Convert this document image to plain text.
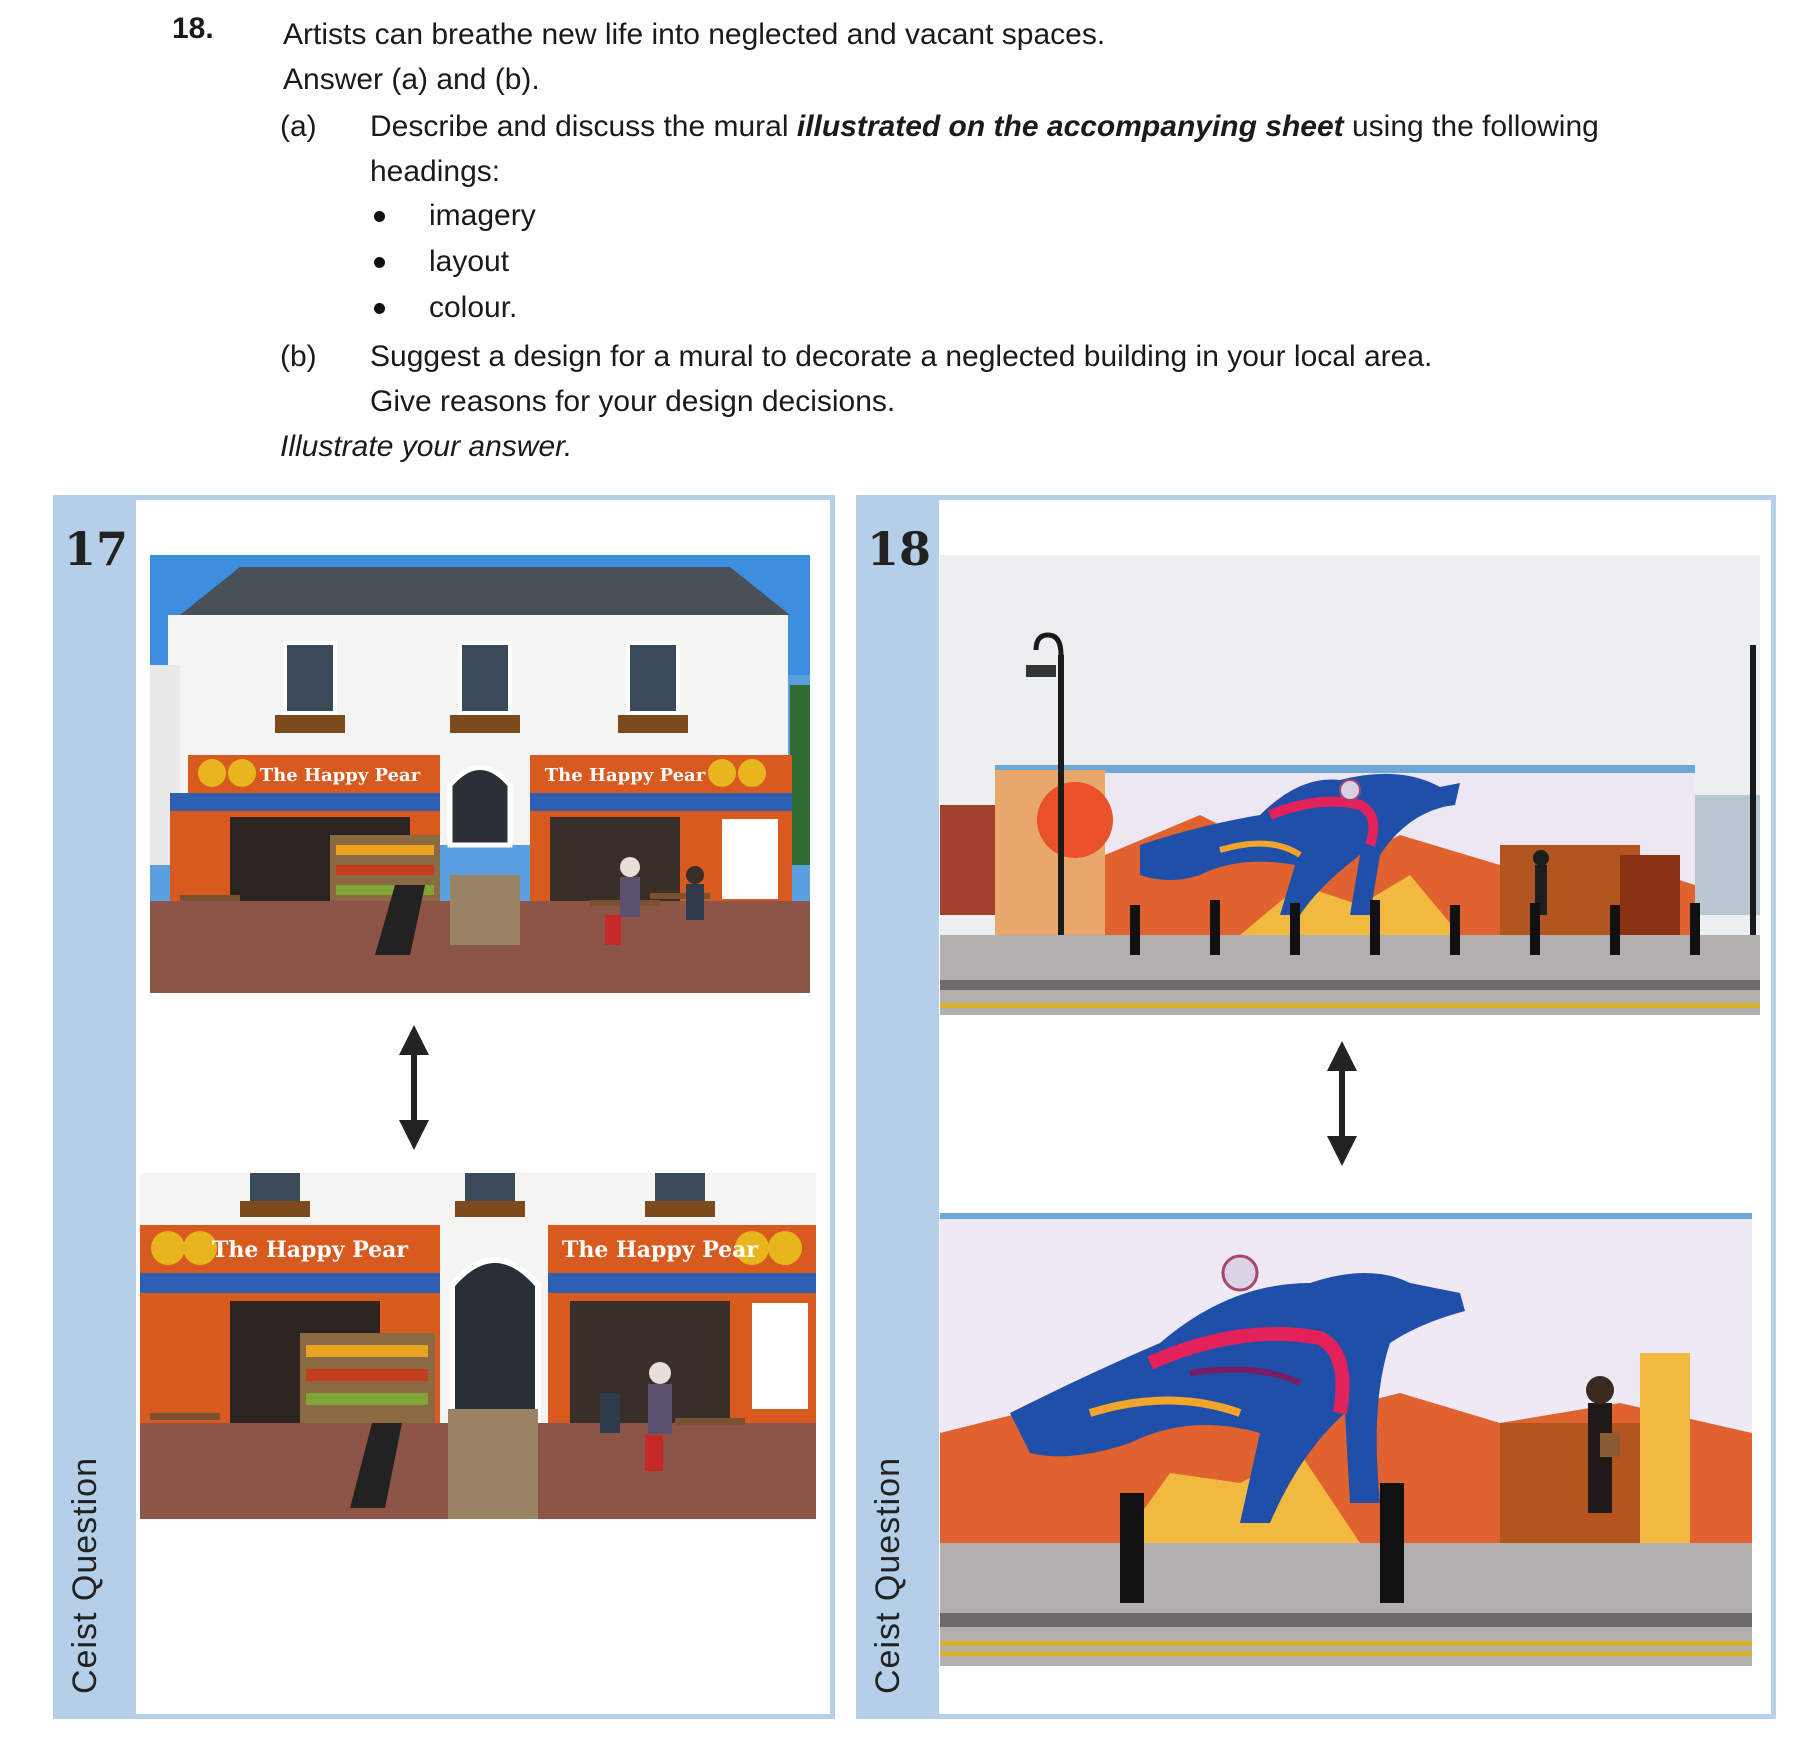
18. Artists can breathe new life into neglected and vacant spaces.
Answer (a) and (b).
(a) Describe and discuss the mural illustrated on the accompanying sheet using the following headings:
imagery
layout
colour.
(b) Suggest a design for a mural to decorate a neglected building in your local area.
Give reasons for your design decisions.
Illustrate your answer.
17
Ceist Question
The Happy Pear	The Happy Pear
The Happy Pear	The Happy Pear
18
Ceist Question
